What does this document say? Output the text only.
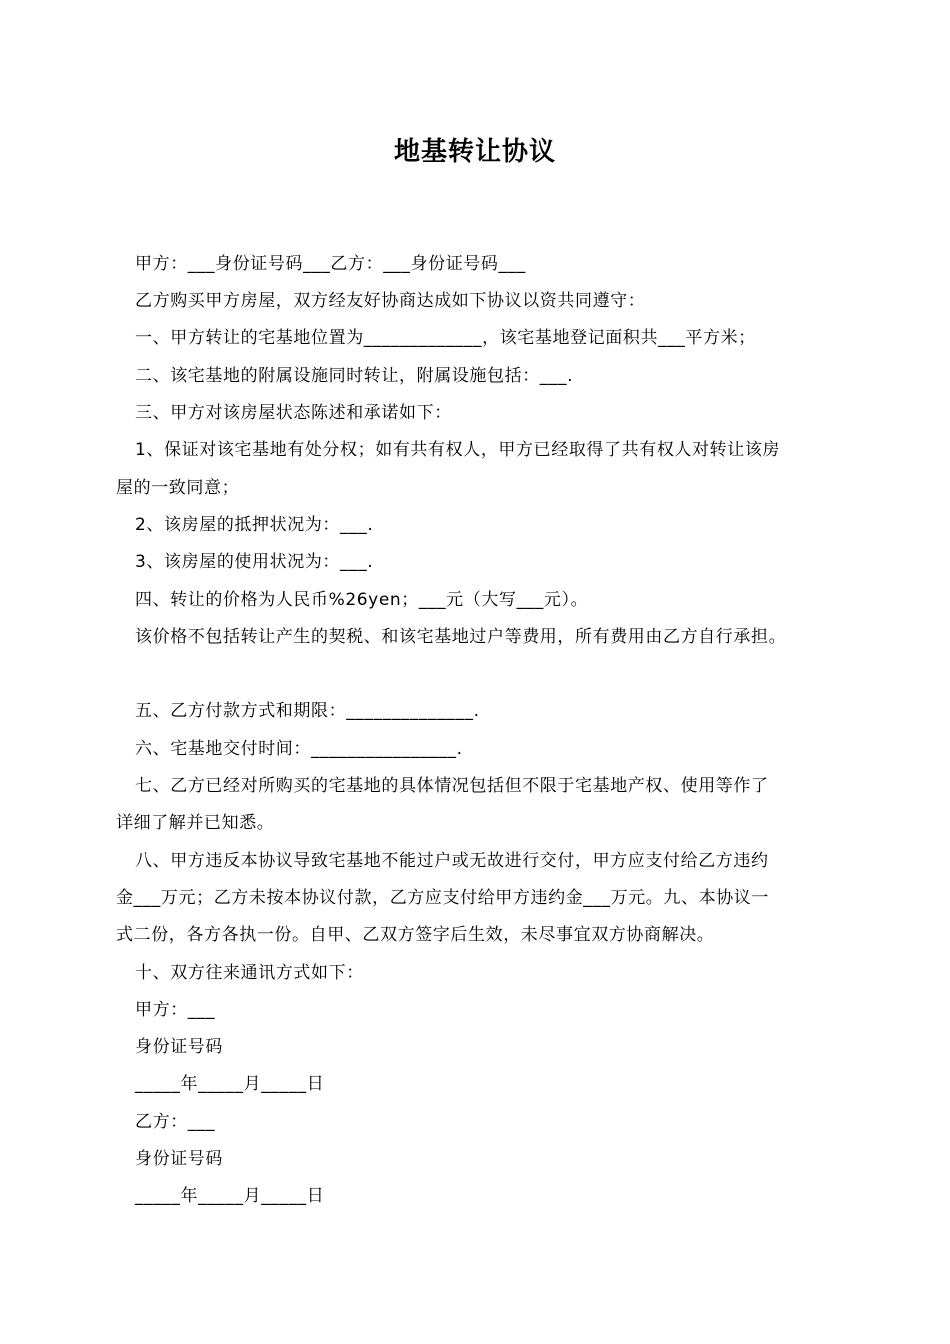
地基转让协议
甲方：___身份证号码___乙方：___身份证号码___
乙方购买甲方房屋，双方经友好协商达成如下协议以资共同遵守：
一、甲方转让的宅基地位置为_____________，该宅基地登记面积共___平方米；
二、该宅基地的附属设施同时转让，附属设施包括：___.
三、甲方对该房屋状态陈述和承诺如下：
1、保证对该宅基地有处分权；如有共有权人，甲方已经取得了共有权人对转让该房
屋的一致同意；
2、该房屋的抵押状况为：___.
3、该房屋的使用状况为：___.
四、转让的价格为人民币%26yen；___元（大写___元）。
该价格不包括转让产生的契税、和该宅基地过户等费用，所有费用由乙方自行承担。
五、乙方付款方式和期限：______________.
六、宅基地交付时间：________________.
七、乙方已经对所购买的宅基地的具体情况包括但不限于宅基地产权、使用等作了
详细了解并已知悉。
八、甲方违反本协议导致宅基地不能过户或无故进行交付，甲方应支付给乙方违约
金___万元；乙方未按本协议付款，乙方应支付给甲方违约金___万元。九、本协议一
式二份，各方各执一份。自甲、乙双方签字后生效，未尽事宜双方协商解决。
十、双方往来通讯方式如下：
甲方：___
身份证号码
_____年_____月_____日
乙方：___
身份证号码
_____年_____月_____日
